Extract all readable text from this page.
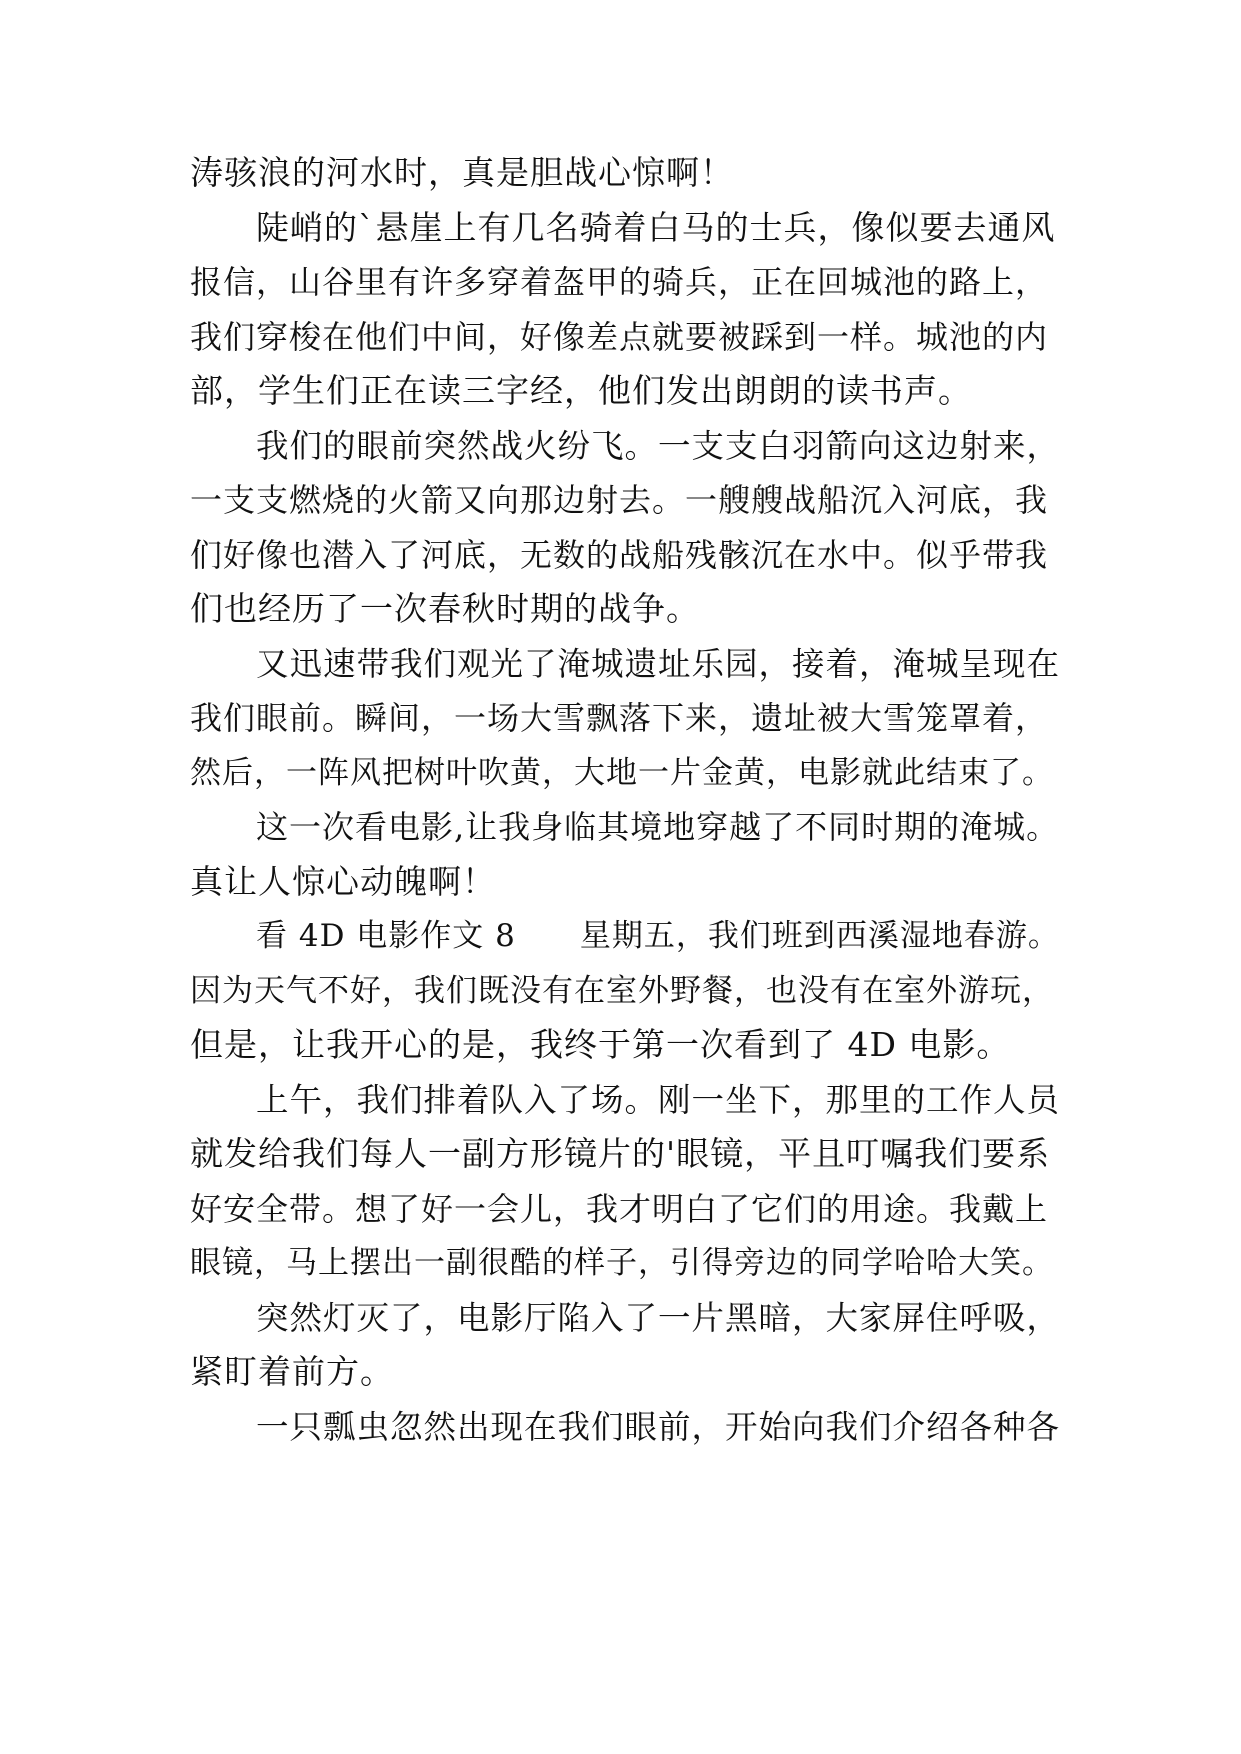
涛骇浪的河水时，真是胆战心惊啊！

陡峭的`悬崖上有几名骑着白马的士兵，像似要去通风

报信，山谷里有许多穿着盔甲的骑兵，正在回城池的路上，

我们穿梭在他们中间，好像差点就要被踩到一样。城池的内

部，学生们正在读三字经，他们发出朗朗的读书声。

我们的眼前突然战火纷飞。一支支白羽箭向这边射来，

一支支燃烧的火箭又向那边射去。一艘艘战船沉入河底，我

们好像也潜入了河底，无数的战船残骸沉在水中。似乎带我

们也经历了一次春秋时期的战争。

又迅速带我们观光了淹城遗址乐园，接着，淹城呈现在

我们眼前。瞬间，一场大雪飘落下来，遗址被大雪笼罩着，

然后，一阵风把树叶吹黄，大地一片金黄，电影就此结束了。

这一次看电影,让我身临其境地穿越了不同时期的淹城。

真让人惊心动魄啊！

看 4D 电影作文 8　　星期五，我们班到西溪湿地春游。

因为天气不好，我们既没有在室外野餐，也没有在室外游玩，

但是，让我开心的是，我终于第一次看到了 4D 电影。

上午，我们排着队入了场。刚一坐下，那里的工作人员

就发给我们每人一副方形镜片的'眼镜，平且叮嘱我们要系

好安全带。想了好一会儿，我才明白了它们的用途。我戴上

眼镜，马上摆出一副很酷的样子，引得旁边的同学哈哈大笑。

突然灯灭了，电影厅陷入了一片黑暗，大家屏住呼吸，

紧盯着前方。

一只瓢虫忽然出现在我们眼前，开始向我们介绍各种各
